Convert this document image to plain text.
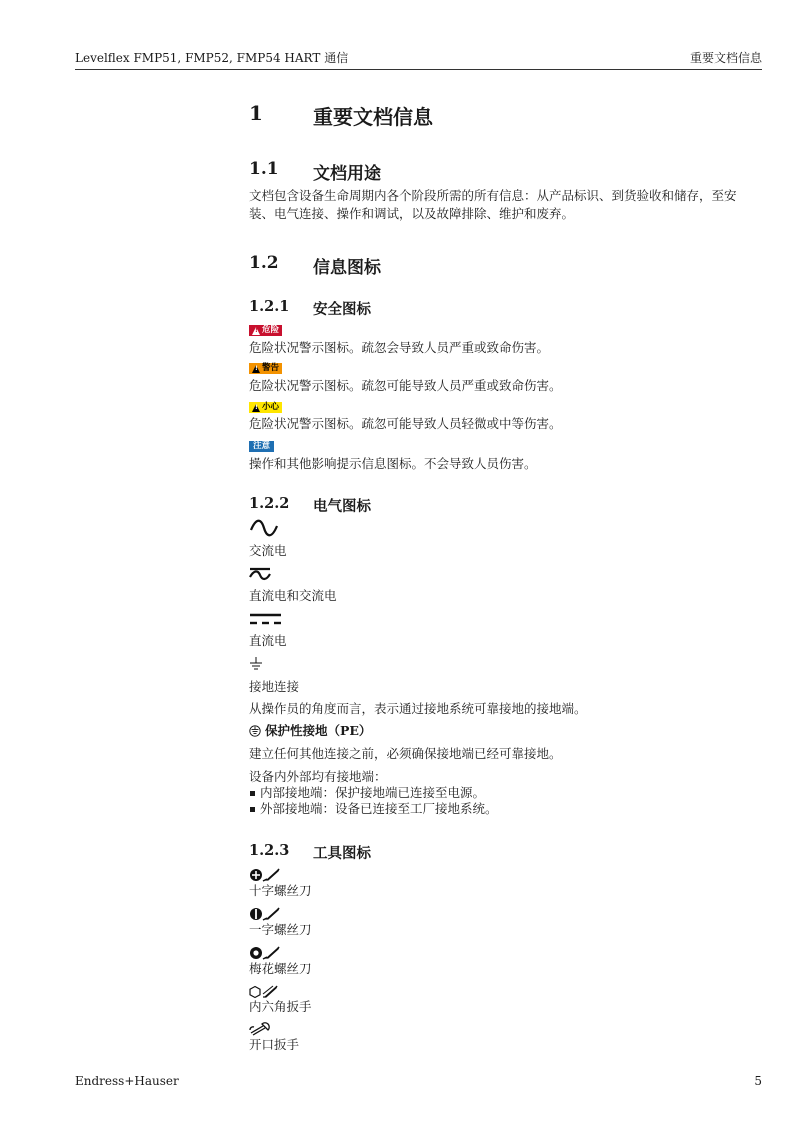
Levelflex FMP51, FMP52, FMP54 HART 通信	重要文档信息
1	重要文档信息
1.1 文档用途
文档包含设备生命周期内各个阶段所需的所有信息：从产品标识、到货验收和储存，至安装、电气连接、操作和调试，以及故障排除、维护和废弃。
1.2 信息图标
1.2.1 安全图标
!
危险
危险状况警示图标。疏忽会导致人员严重或致命伤害。
!
警告
危险状况警示图标。疏忽可能导致人员严重或致命伤害。
!
小心
危险状况警示图标。疏忽可能导致人员轻微或中等伤害。
注意
操作和其他影响提示信息图标。不会导致人员伤害。
1.2.2 电气图标
交流电
直流电和交流电
直流电
接地连接
从操作员的角度而言，表示通过接地系统可靠接地的接地端。
保护性接地（PE）
建立任何其他连接之前，必须确保接地端已经可靠接地。
设备内外部均有接地端：
内部接地端：保护接地端已连接至电源。
外部接地端：设备已连接至工厂接地系统。
1.2.3 工具图标
十字螺丝刀
一字螺丝刀
梅花螺丝刀
内六角扳手
开口扳手
Endress+Hauser	5
